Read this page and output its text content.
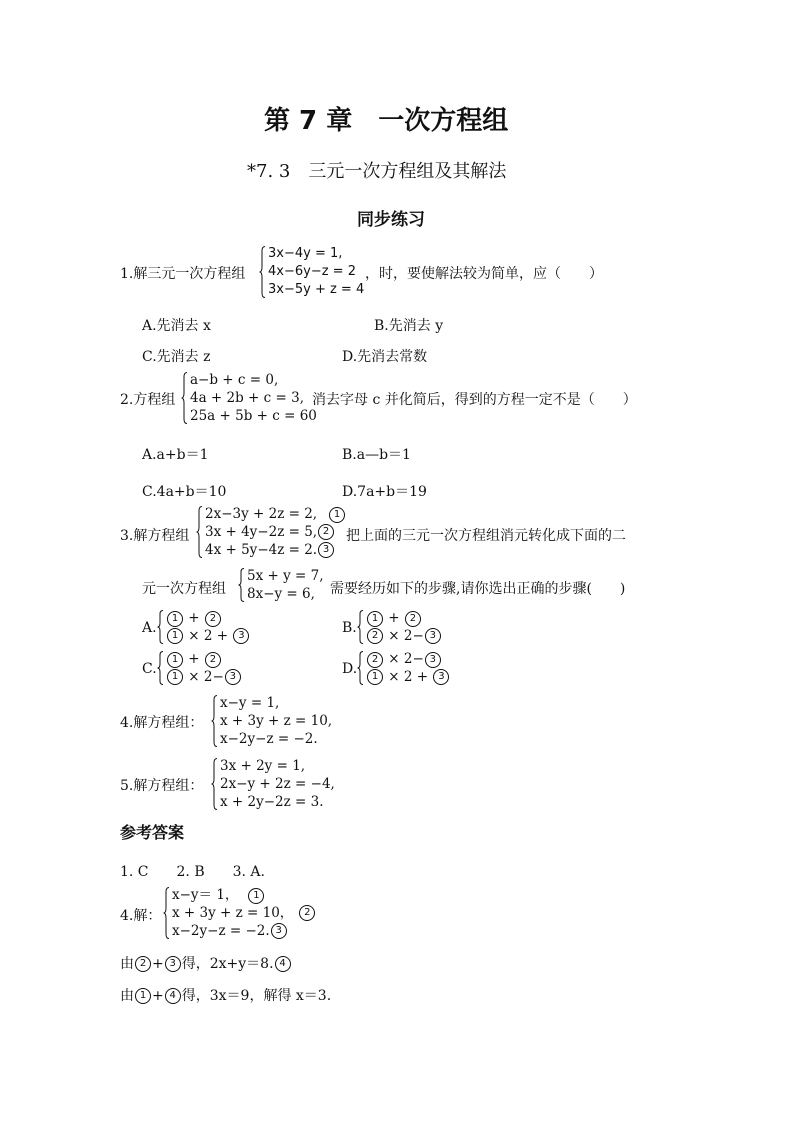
第 7 章　一次方程组
*7. 3　三元一次方程组及其解法
同步练习
1.解三元一次方程组
3x−4y = 1,
4x−6y−z = 2
3x−5y + z = 4
，时，要使解法较为简单，应（　　）
A.先消去 x	B.先消去 y
C.先消去 z	D.先消去常数
2.方程组
a−b + c = 0,
4a + 2b + c = 3,
25a + 5b + c = 60
消去字母 c 并化简后，得到的方程一定不是（　　）
A.a+b＝1	B.a—b＝1
C.4a+b＝10	D.7a+b＝19
3.解方程组
2x−3y + 2z = 2, 1
3x + 4y−2z = 5, 2
4x + 5y−4z = 2. 3
把上面的三元一次方程组消元转化成下面的二
元一次方程组
5x + y = 7,
8x−y = 6,	需要经历如下的步骤,请你选出正确的步骤(　　)
A.
1 + 2
1 × 2 + 3	B.
1 + 2
2 × 2− 3
C.
1 + 2
1 × 2− 3	D.
2 × 2− 3
1 × 2 + 3
4.解方程组：
x−y = 1,
x + 3y + z = 10,
x−2y−z = −2.
5.解方程组：
3x + 2y = 1,
2x−y + 2z = −4,
x + 2y−2z = 3.
参考答案
1. C　　2. B　　3. A.
4.解：
x−y＝ 1， 1
x + 3y + z = 10， 2
x−2y−z = −2. 3
由 2 + 3 得，2x+y＝8. 4
由 1 + 4 得，3x＝9，解得 x＝3.
